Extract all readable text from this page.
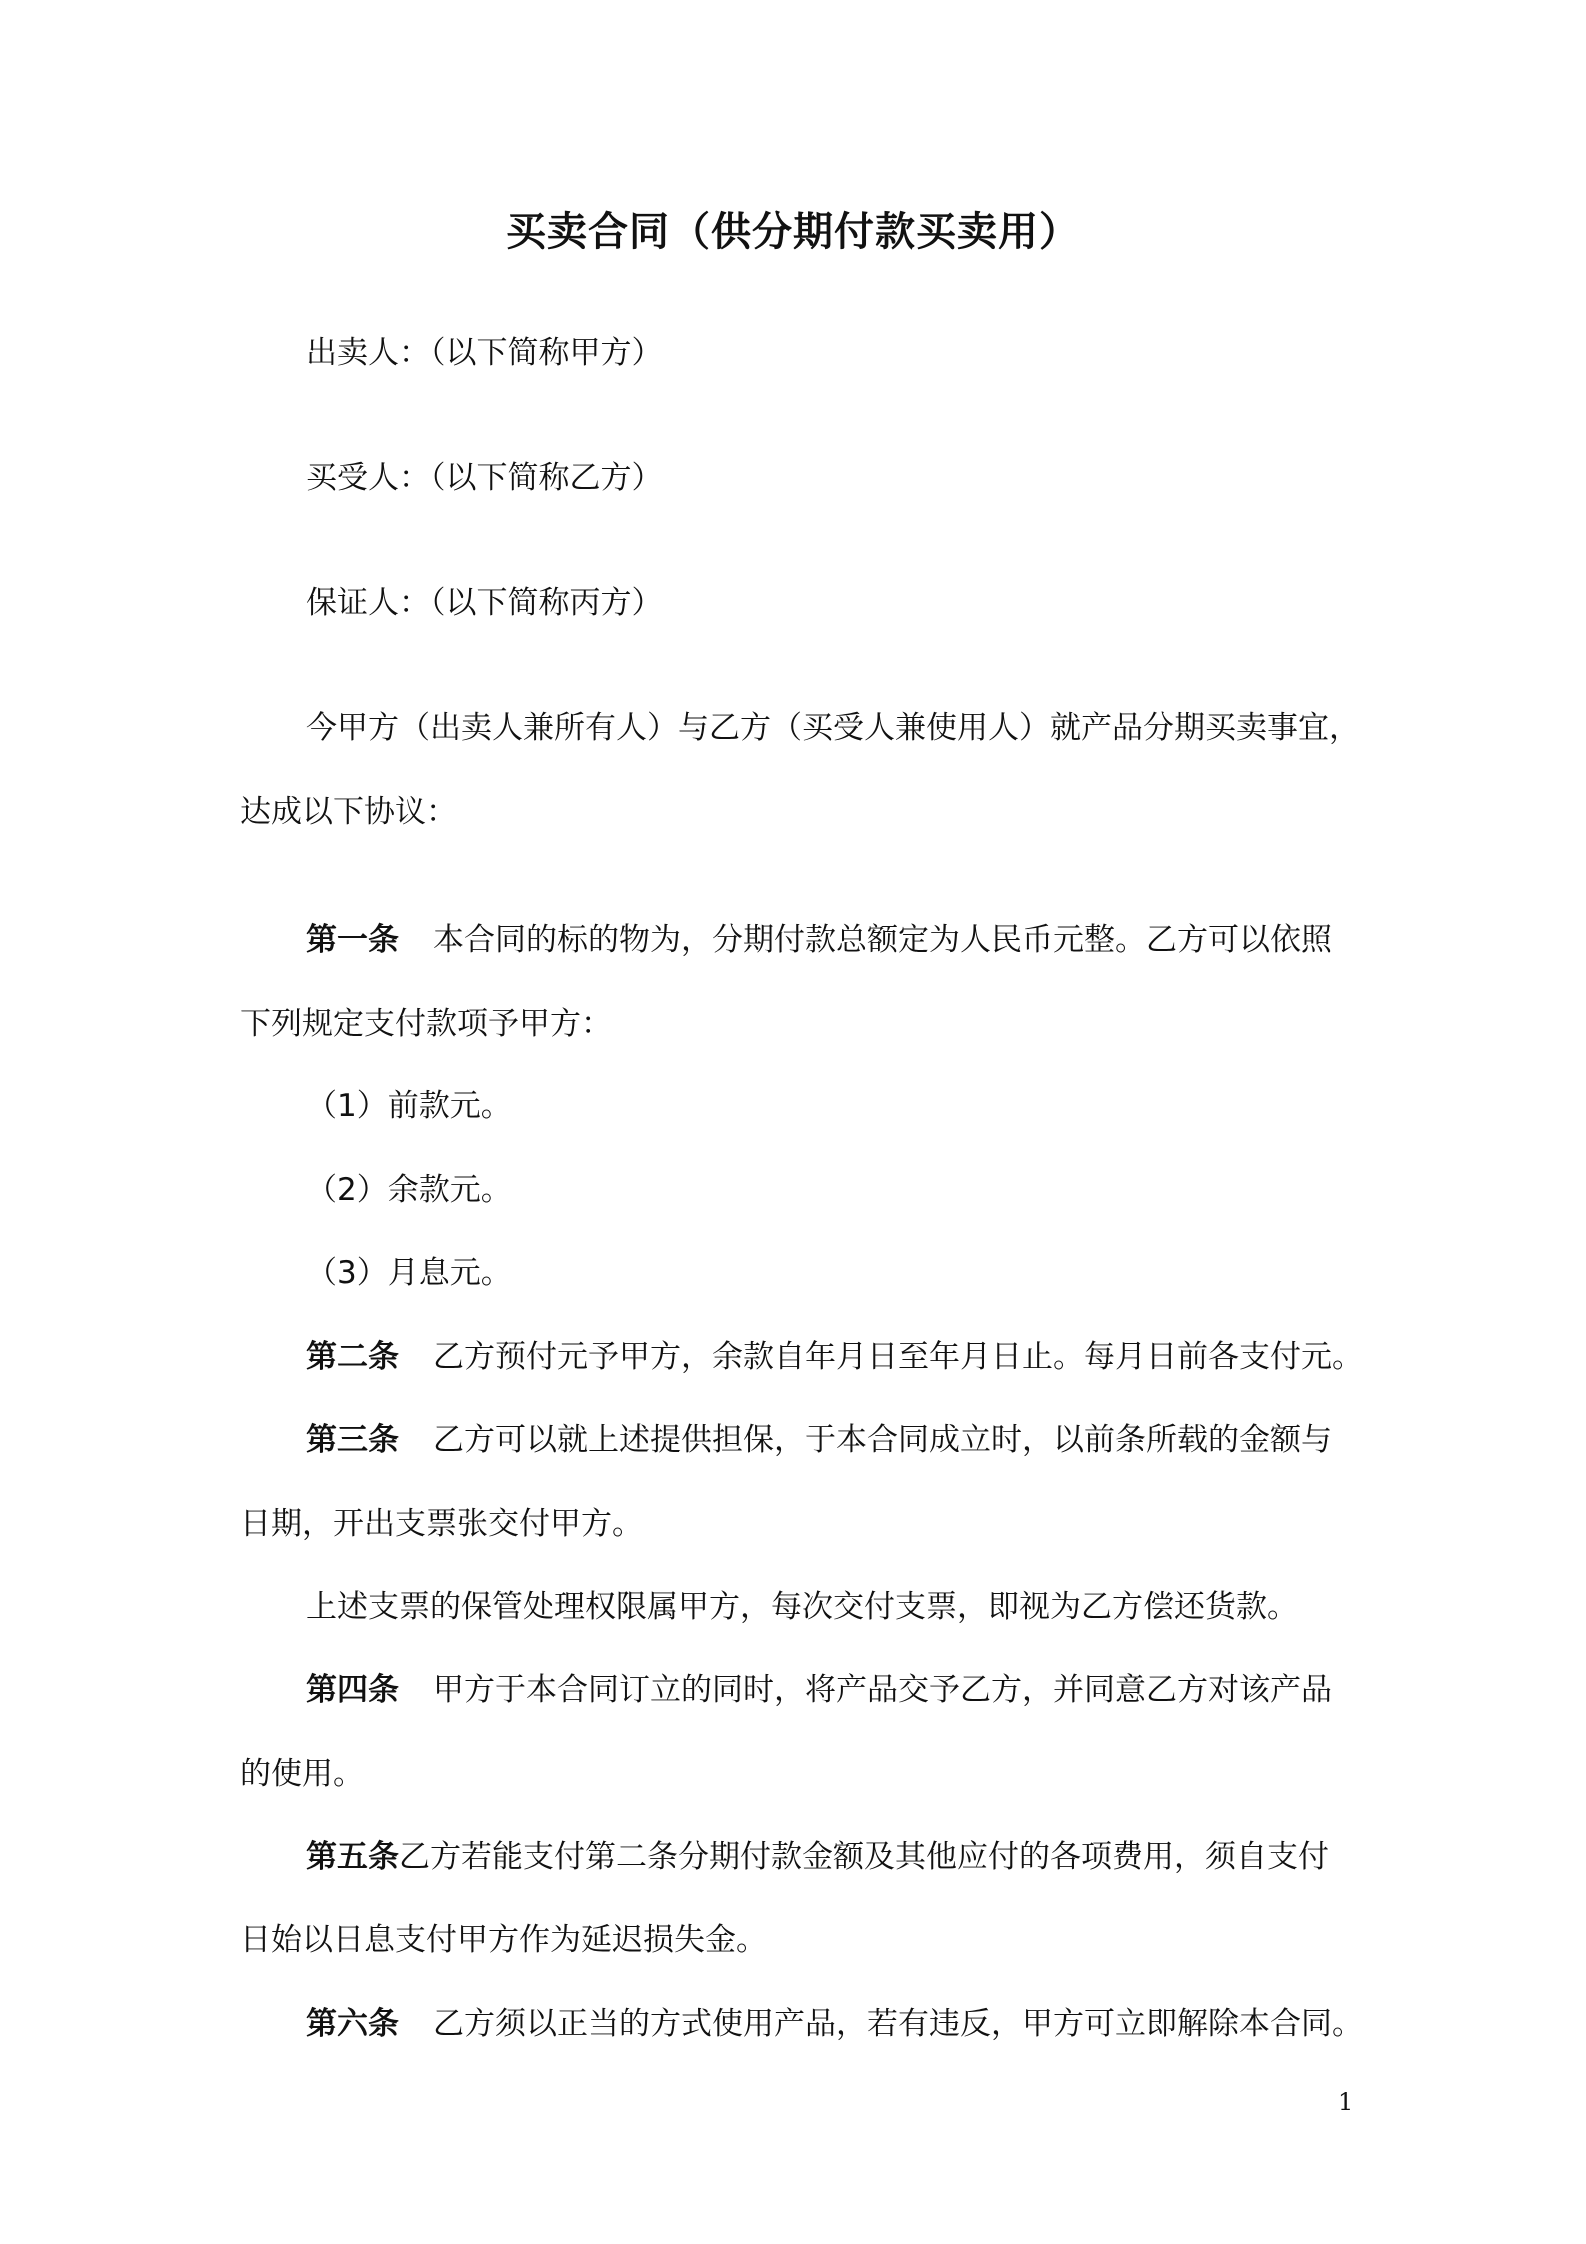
买卖合同（供分期付款买卖用）
出卖人：（以下简称甲方）
买受人：（以下简称乙方）
保证人：（以下简称丙方）
今甲方（出卖人兼所有人）与乙方（买受人兼使用人）就产品分期买卖事宜，
达成以下协议：
第一条 本合同的标的物为，分期付款总额定为人民币元整。乙方可以依照
下列规定支付款项予甲方：
（1）前款元。
（2）余款元。
（3）月息元。
第二条 乙方预付元予甲方，余款自年月日至年月日止。每月日前各支付元。
第三条 乙方可以就上述提供担保，于本合同成立时，以前条所载的金额与
日期，开出支票张交付甲方。
上述支票的保管处理权限属甲方，每次交付支票，即视为乙方偿还货款。
第四条 甲方于本合同订立的同时，将产品交予乙方，并同意乙方对该产品
的使用。
第五条乙方若能支付第二条分期付款金额及其他应付的各项费用，须自支付
日始以日息支付甲方作为延迟损失金。
第六条 乙方须以正当的方式使用产品，若有违反，甲方可立即解除本合同。
1
